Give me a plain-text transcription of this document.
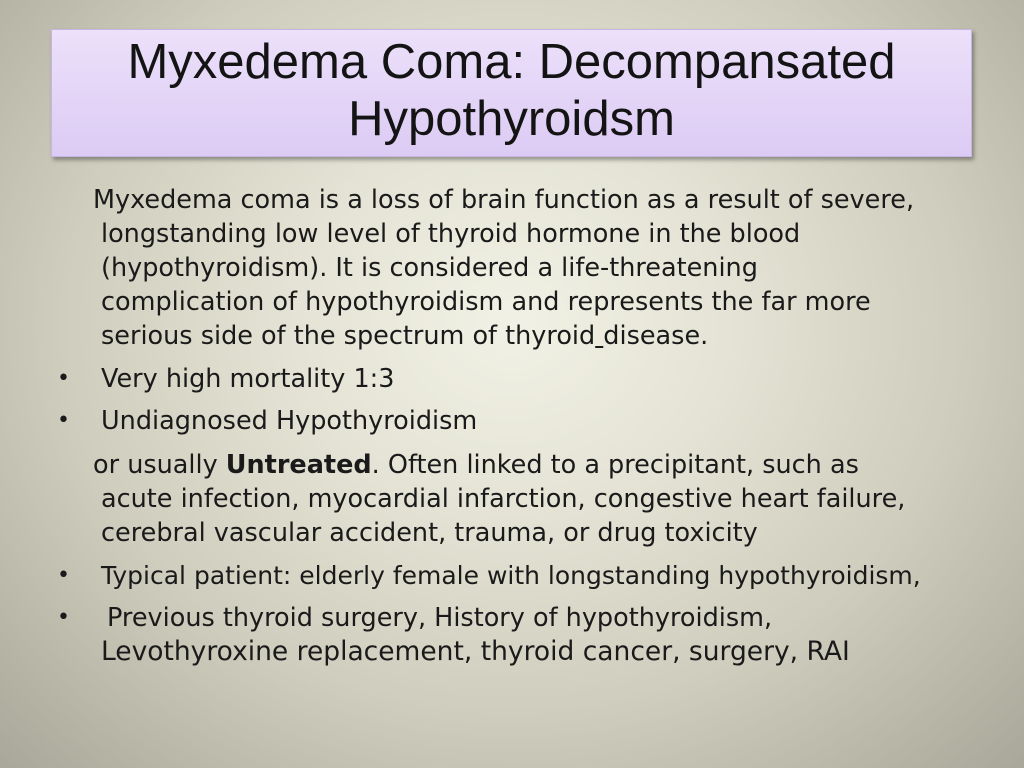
Myxedema Coma: Decompansated
Hypothyroidsm
Myxedema coma is a loss of brain function as a result of severe,
longstanding low level of thyroid hormone in the blood
(hypothyroidism). It is considered a life-threatening
complication of hypothyroidism and represents the far more
serious side of the spectrum of thyroid disease.
• Very high mortality 1:3
• Undiagnosed Hypothyroidism
or usually Untreated. Often linked to a precipitant, such as
acute infection, myocardial infarction, congestive heart failure,
cerebral vascular accident, trauma, or drug toxicity
• Typical patient: elderly female with longstanding hypothyroidism,
• Previous thyroid surgery, History of hypothyroidism,
Levothyroxine replacement, thyroid cancer, surgery, RAI
